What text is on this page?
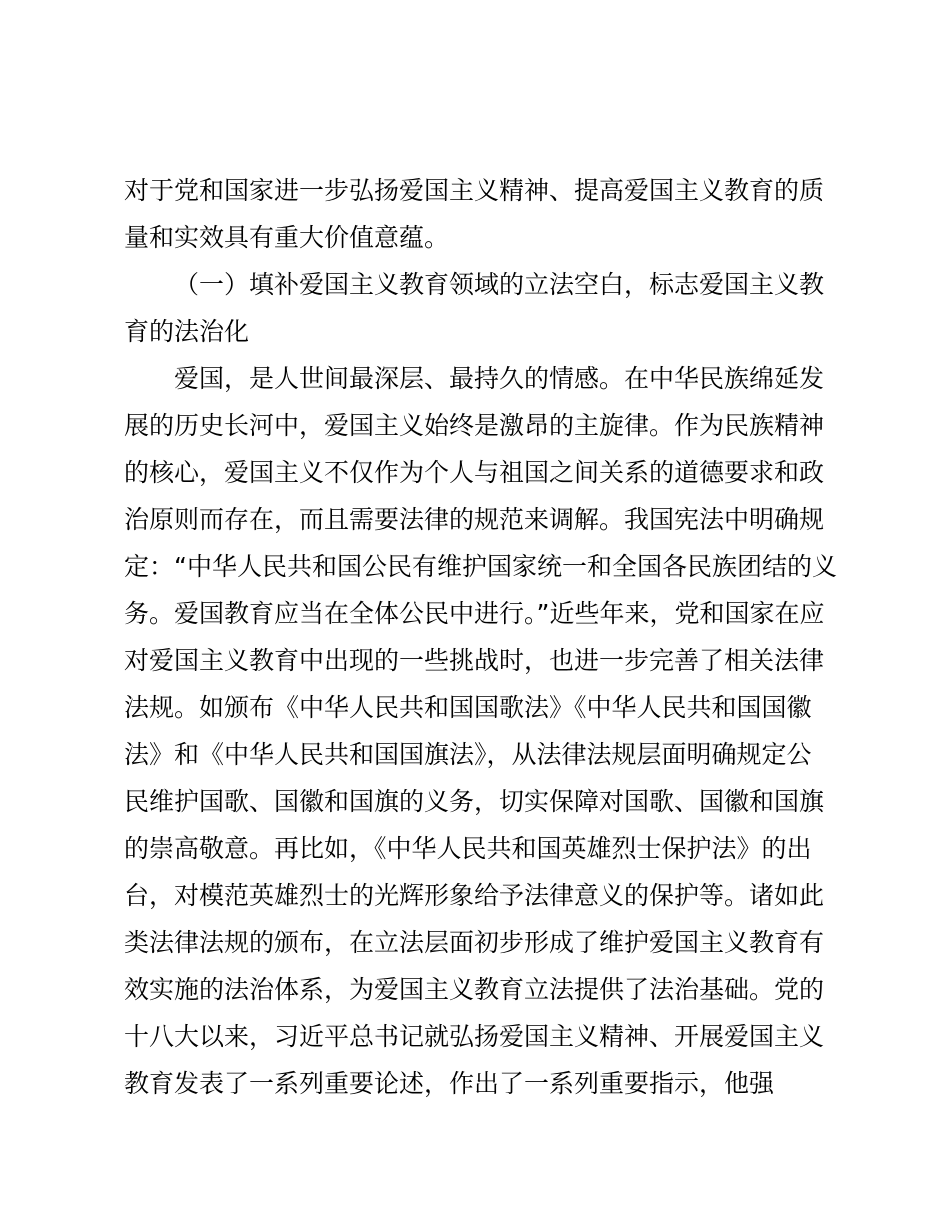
对于党和国家进一步弘扬爱国主义精神、提高爱国主义教育的质
量和实效具有重大价值意蕴。
（一）填补爱国主义教育领域的立法空白，标志爱国主义教
育的法治化
爱国，是人世间最深层、最持久的情感。在中华民族绵延发
展的历史长河中，爱国主义始终是激昂的主旋律。作为民族精神
的核心，爱国主义不仅作为个人与祖国之间关系的道德要求和政
治原则而存在，而且需要法律的规范来调解。我国宪法中明确规
定：“中华人民共和国公民有维护国家统一和全国各民族团结的义
务。爱国教育应当在全体公民中进行。”近些年来，党和国家在应
对爱国主义教育中出现的一些挑战时，也进一步完善了相关法律
法规。如颁布《中华人民共和国国歌法》《中华人民共和国国徽
法》和《中华人民共和国国旗法》，从法律法规层面明确规定公
民维护国歌、国徽和国旗的义务，切实保障对国歌、国徽和国旗
的崇高敬意。再比如，《中华人民共和国英雄烈士保护法》的出
台，对模范英雄烈士的光辉形象给予法律意义的保护等。诸如此
类法律法规的颁布，在立法层面初步形成了维护爱国主义教育有
效实施的法治体系，为爱国主义教育立法提供了法治基础。党的
十八大以来，习近平总书记就弘扬爱国主义精神、开展爱国主义
教育发表了一系列重要论述，作出了一系列重要指示，他强
